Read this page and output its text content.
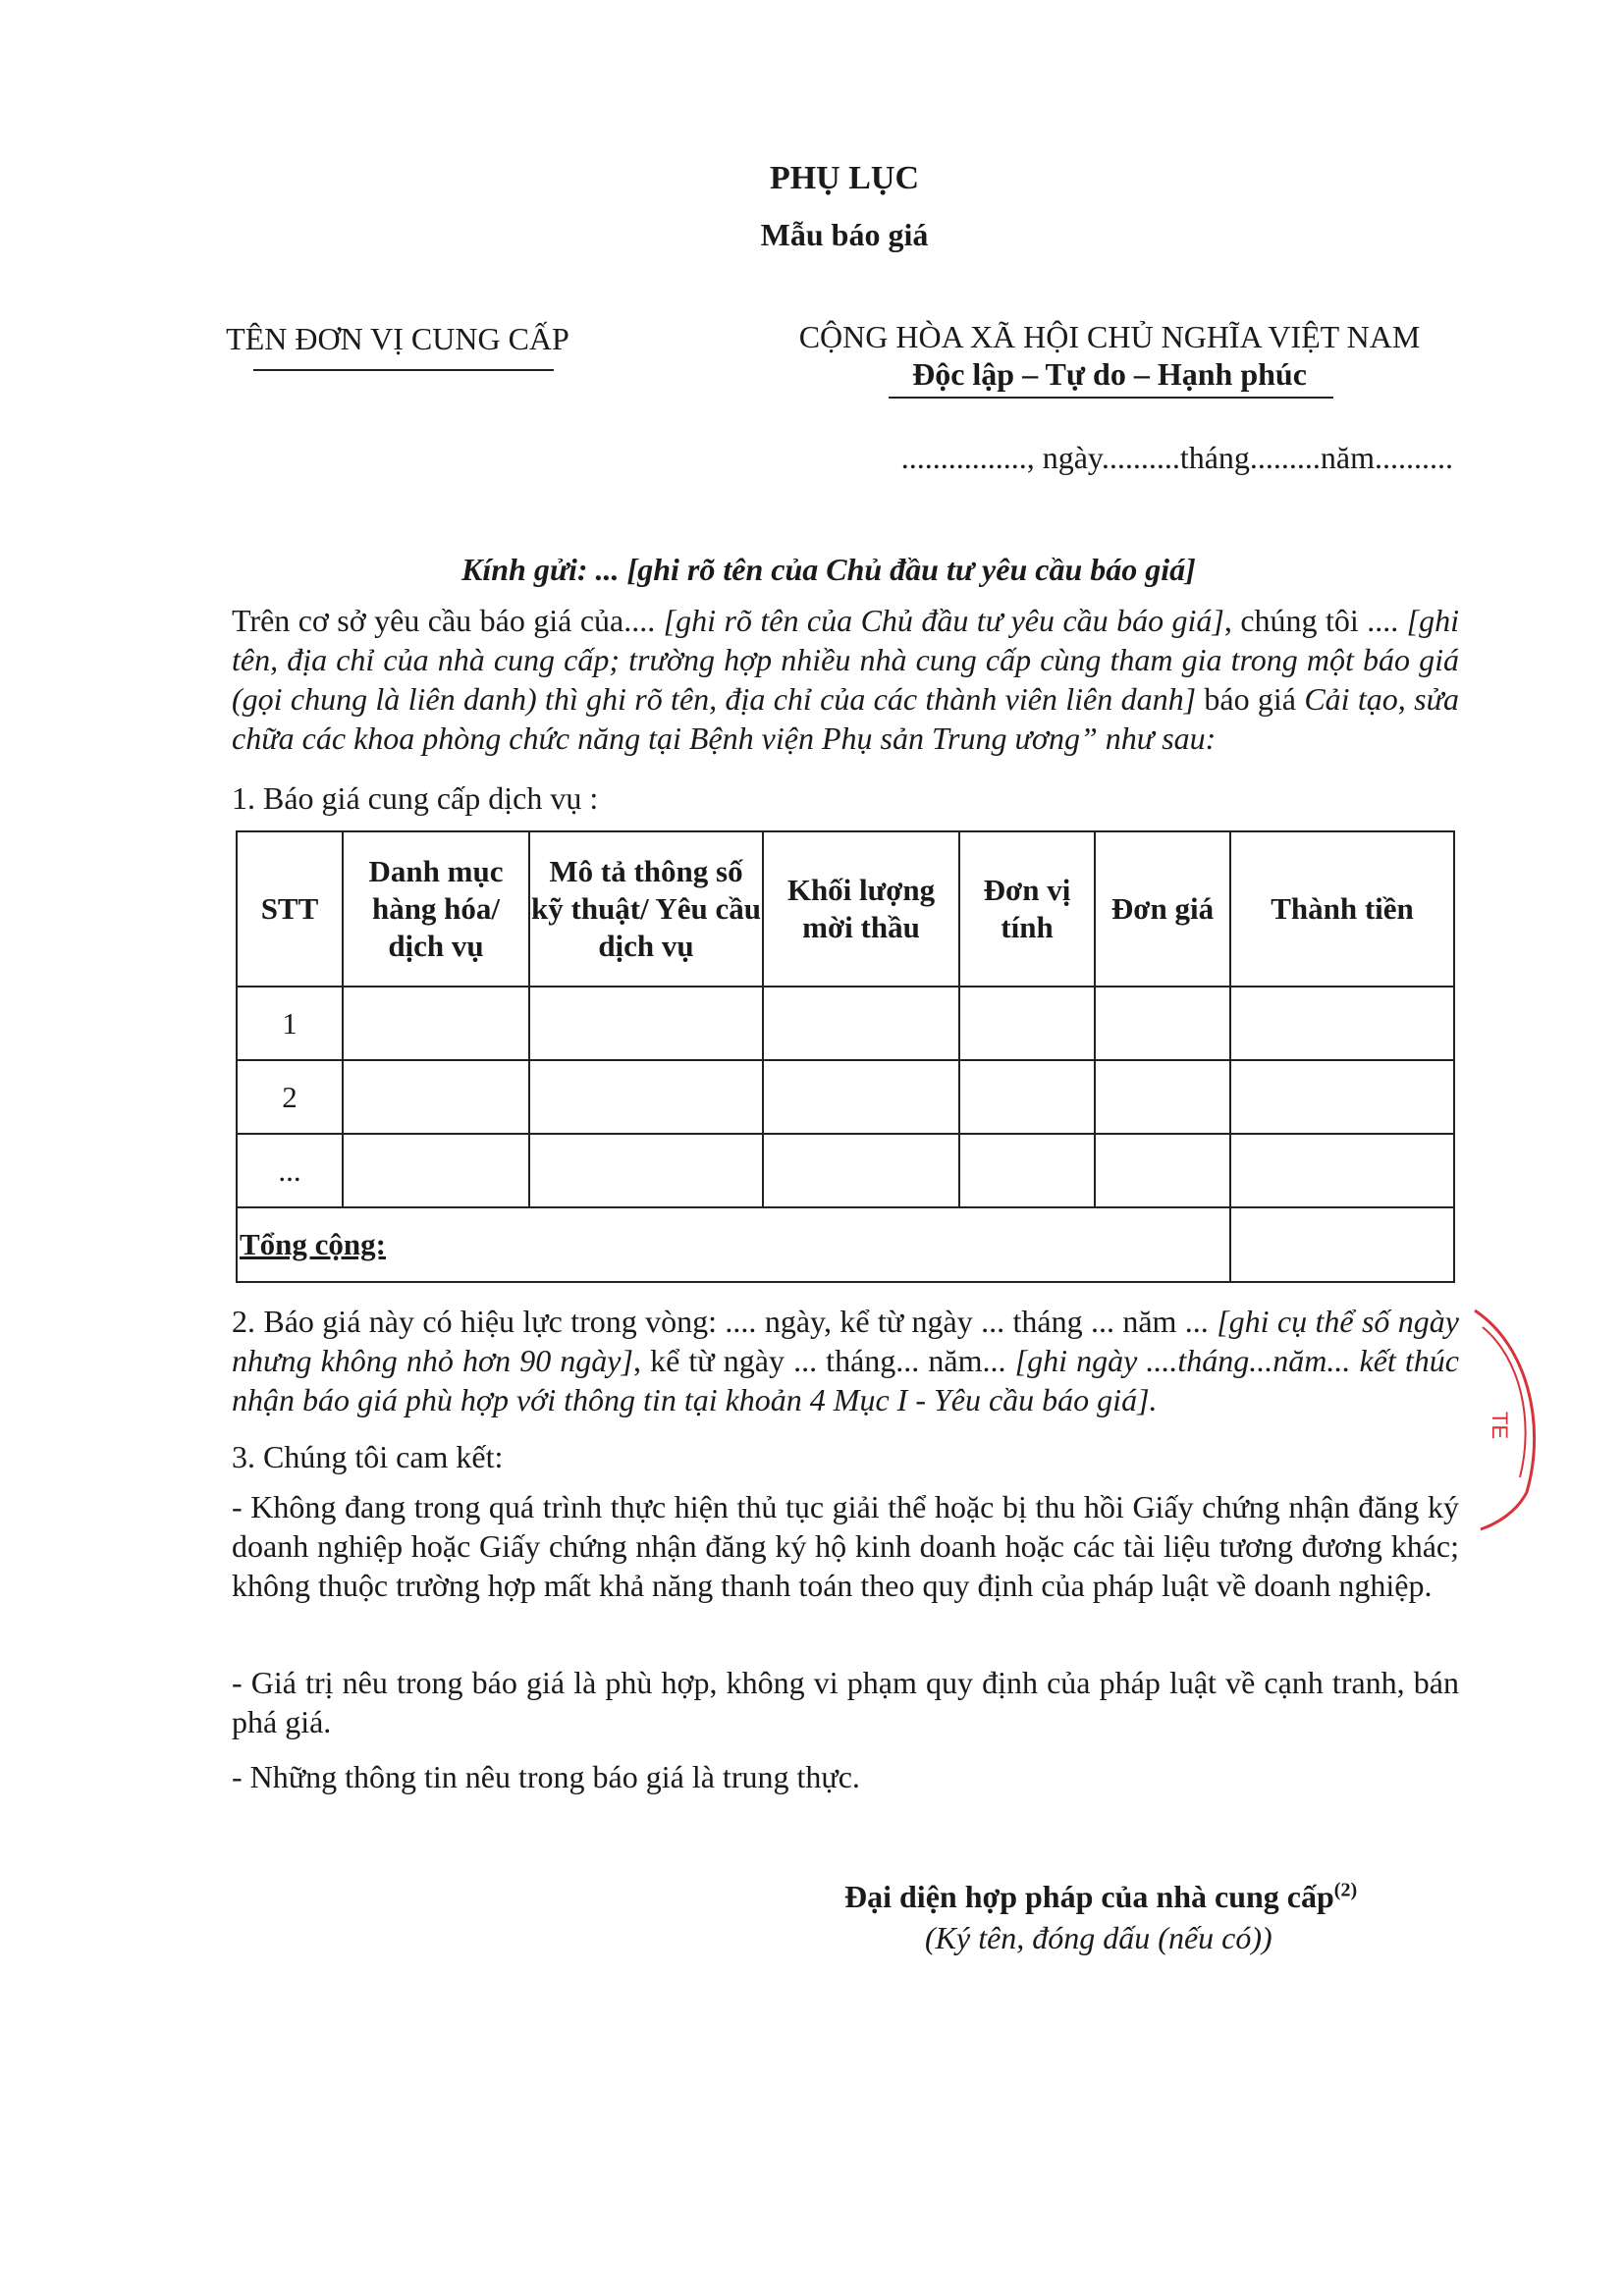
PHỤ LỤC
Mẫu báo giá
TÊN ĐƠN VỊ CUNG CẤP	CỘNG HÒA XÃ HỘI CHỦ NGHĨA VIỆT NAM
Độc lập – Tự do – Hạnh phúc
................, ngày..........tháng.........năm..........
Kính gửi: ... [ghi rõ tên của Chủ đầu tư yêu cầu báo giá]
Trên cơ sở yêu cầu báo giá của.... [ghi rõ tên của Chủ đầu tư yêu cầu báo giá], chúng tôi .... [ghi tên, địa chỉ của nhà cung cấp; trường hợp nhiều nhà cung cấp cùng tham gia trong một báo giá (gọi chung là liên danh) thì ghi rõ tên, địa chỉ của các thành viên liên danh] báo giá Cải tạo, sửa chữa các khoa phòng chức năng tại Bệnh viện Phụ sản Trung ương” như sau:
1. Báo giá cung cấp dịch vụ :
STT	Danh mục hàng hóa/ dịch vụ	Mô tả thông số kỹ thuật/ Yêu cầu dịch vụ	Khối lượng mời thầu	Đơn vị tính	Đơn giá	Thành tiền
1						
2						
...						
Tổng cộng:						
2. Báo giá này có hiệu lực trong vòng: .... ngày, kể từ ngày ... tháng ... năm ... [ghi cụ thể số ngày nhưng không nhỏ hơn 90 ngày], kể từ ngày ... tháng... năm... [ghi ngày ....tháng...năm... kết thúc nhận báo giá phù hợp với thông tin tại khoản 4 Mục I - Yêu cầu báo giá].
3. Chúng tôi cam kết:
- Không đang trong quá trình thực hiện thủ tục giải thể hoặc bị thu hồi Giấy chứng nhận đăng ký doanh nghiệp hoặc Giấy chứng nhận đăng ký hộ kinh doanh hoặc các tài liệu tương đương khác; không thuộc trường hợp mất khả năng thanh toán theo quy định của pháp luật về doanh nghiệp.
- Giá trị nêu trong báo giá là phù hợp, không vi phạm quy định của pháp luật về cạnh tranh, bán phá giá.
- Những thông tin nêu trong báo giá là trung thực.
Đại diện hợp pháp của nhà cung cấp$^{(2)}$
(Ký tên, đóng dấu (nếu có))
TE
